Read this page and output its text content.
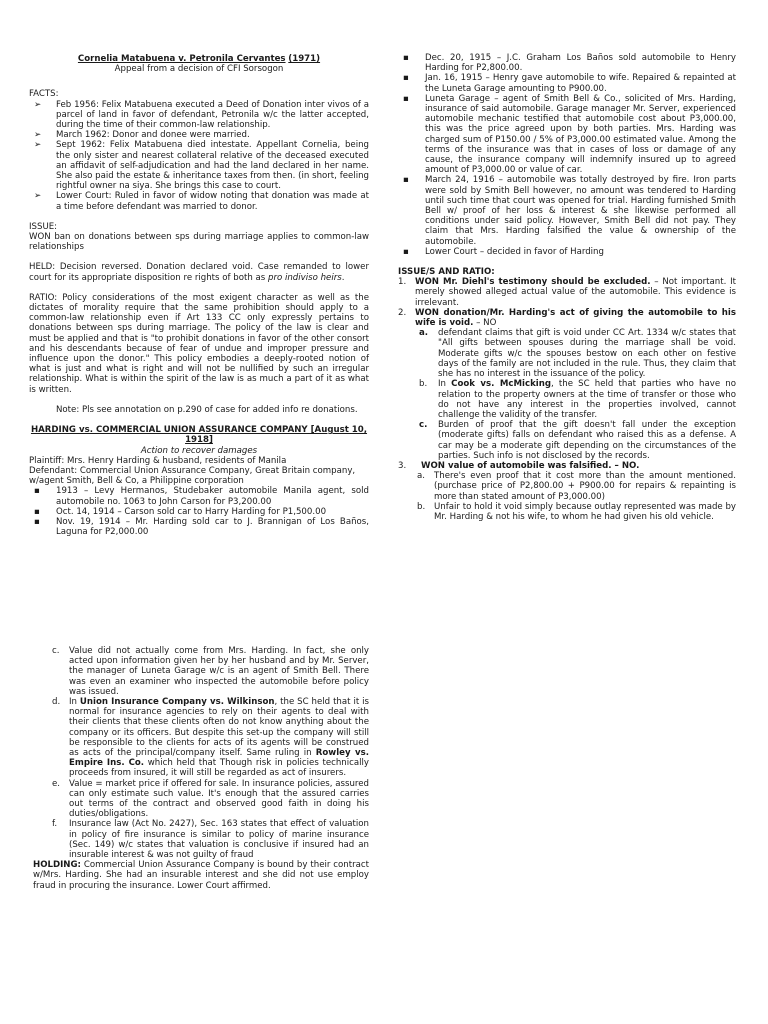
Cornelia Matabuena v. Petronila Cervantes (1971)

Appeal from a decision of CFI Sorsogon

FACTS:

➢ Feb 1956: Felix Matabuena executed a Deed of Donation inter vivos of a parcel of land in favor of defendant, Petronila w/c the latter accepted, during the time of their common-law relationship.
➢ March 1962: Donor and donee were married.
➢ Sept 1962: Felix Matabuena died intestate. Appellant Cornelia, being the only sister and nearest collateral relative of the deceased executed an affidavit of self-adjudication and had the land declared in her name. She also paid the estate & inheritance taxes from then. (in short, feeling rightful owner na siya. She brings this case to court.
➢ Lower Court: Ruled in favor of widow noting that donation was made at a time before defendant was married to donor.

ISSUE:

WON ban on donations between sps during marriage applies to common-law relationships

HELD: Decision reversed. Donation declared void. Case remanded to lower court for its appropriate disposition re rights of both as pro indiviso heirs.

RATIO: Policy considerations of the most exigent character as well as the dictates of morality require that the same prohibition should apply to a common-law relationship even if Art 133 CC only expressly pertains to donations between sps during marriage. The policy of the law is clear and must be applied and that is "to prohibit donations in favor of the other consort and his descendants because of fear of undue and improper pressure and influence upon the donor." This policy embodies a deeply-rooted notion of what is just and what is right and will not be nullified by such an irregular relationship. What is within the spirit of the law is as much a part of it as what is written.

Note: Pls see annotation on p.290 of case for added info re donations.

HARDING vs. COMMERCIAL UNION ASSURANCE COMPANY [August 10, 1918]

Action to recover damages

Plaintiff: Mrs. Henry Harding & husband, residents of Manila

Defendant: Commercial Union Assurance Company, Great Britain company, w/agent Smith, Bell & Co, a Philippine corporation

▪ 1913 – Levy Hermanos, Studebaker automobile Manila agent, sold automobile no. 1063 to John Carson for P3,200.00
▪ Oct. 14, 1914 – Carson sold car to Harry Harding for P1,500.00
▪ Nov. 19, 1914 – Mr. Harding sold car to J. Brannigan of Los Baños, Laguna for P2,000.00
▪ Dec. 20, 1915 – J.C. Graham Los Baños sold automobile to Henry Harding for P2,800.00.
▪ Jan. 16, 1915 – Henry gave automobile to wife. Repaired & repainted at the Luneta Garage amounting to P900.00.
▪ Luneta Garage – agent of Smith Bell & Co., solicited of Mrs. Harding, insurance of said automobile. Garage manager Mr. Server, experienced automobile mechanic testified that automobile cost about P3,000.00, this was the price agreed upon by both parties. Mrs. Harding was charged sum of P150.00 / 5% of P3,000.00 estimated value. Among the terms of the insurance was that in cases of loss or damage of any cause, the insurance company will indemnify insured up to agreed amount of P3,000.00 or value of car.
▪ March 24, 1916 – automobile was totally destroyed by fire. Iron parts were sold by Smith Bell however, no amount was tendered to Harding until such time that court was opened for trial. Harding furnished Smith Bell w/ proof of her loss & interest & she likewise performed all conditions under said policy. However, Smith Bell did not pay. They claim that Mrs. Harding falsified the value & ownership of the automobile.
▪ Lower Court – decided in favor of Harding

ISSUE/S AND RATIO:

1. WON Mr. Diehl's testimony should be excluded. – Not important. It merely showed alleged actual value of the automobile. This evidence is irrelevant.
2. WON donation/Mr. Harding's act of giving the automobile to his wife is void. – NO
a. defendant claims that gift is void under CC Art. 1334 w/c states that "All gifts between spouses during the marriage shall be void. Moderate gifts w/c the spouses bestow on each other on festive days of the family are not included in the rule. Thus, they claim that she has no interest in the issuance of the policy.
b. In Cook vs. McMicking, the SC held that parties who have no relation to the property owners at the time of transfer or those who do not have any interest in the properties involved, cannot challenge the validity of the transfer.
c. Burden of proof that the gift doesn't fall under the exception (moderate gifts) falls on defendant who raised this as a defense. A car may be a moderate gift depending on the circumstances of the parties. Such info is not disclosed by the records.
3. WON value of automobile was falsified. – NO.
a. There's even proof that it cost more than the amount mentioned. (purchase price of P2,800.00 + P900.00 for repairs & repainting is more than stated amount of P3,000.00)
b. Unfair to hold it void simply because outlay represented was made by Mr. Harding & not his wife, to whom he had given his old vehicle.
c. Value did not actually come from Mrs. Harding. In fact, she only acted upon information given her by her husband and by Mr. Server, the manager of Luneta Garage w/c is an agent of Smith Bell. There was even an examiner who inspected the automobile before policy was issued.
d. In Union Insurance Company vs. Wilkinson, the SC held that it is normal for insurance agencies to rely on their agents to deal with their clients that these clients often do not know anything about the company or its officers. But despite this set-up the company will still be responsible to the clients for acts of its agents will be construed as acts of the principal/company itself. Same ruling in Rowley vs. Empire Ins. Co. which held that Though risk in policies technically proceeds from insured, it will still be regarded as act of insurers.
e. Value = market price if offered for sale. In insurance policies, assured can only estimate such value. It's enough that the assured carries out terms of the contract and observed good faith in doing his duties/obligations.
f. Insurance law (Act No. 2427), Sec. 163 states that effect of valuation in policy of fire insurance is similar to policy of marine insurance (Sec. 149) w/c states that valuation is conclusive if insured had an insurable interest & was not guilty of fraud

HOLDING: Commercial Union Assurance Company is bound by their contract w/Mrs. Harding. She had an insurable interest and she did not use employ fraud in procuring the insurance. Lower Court affirmed.
